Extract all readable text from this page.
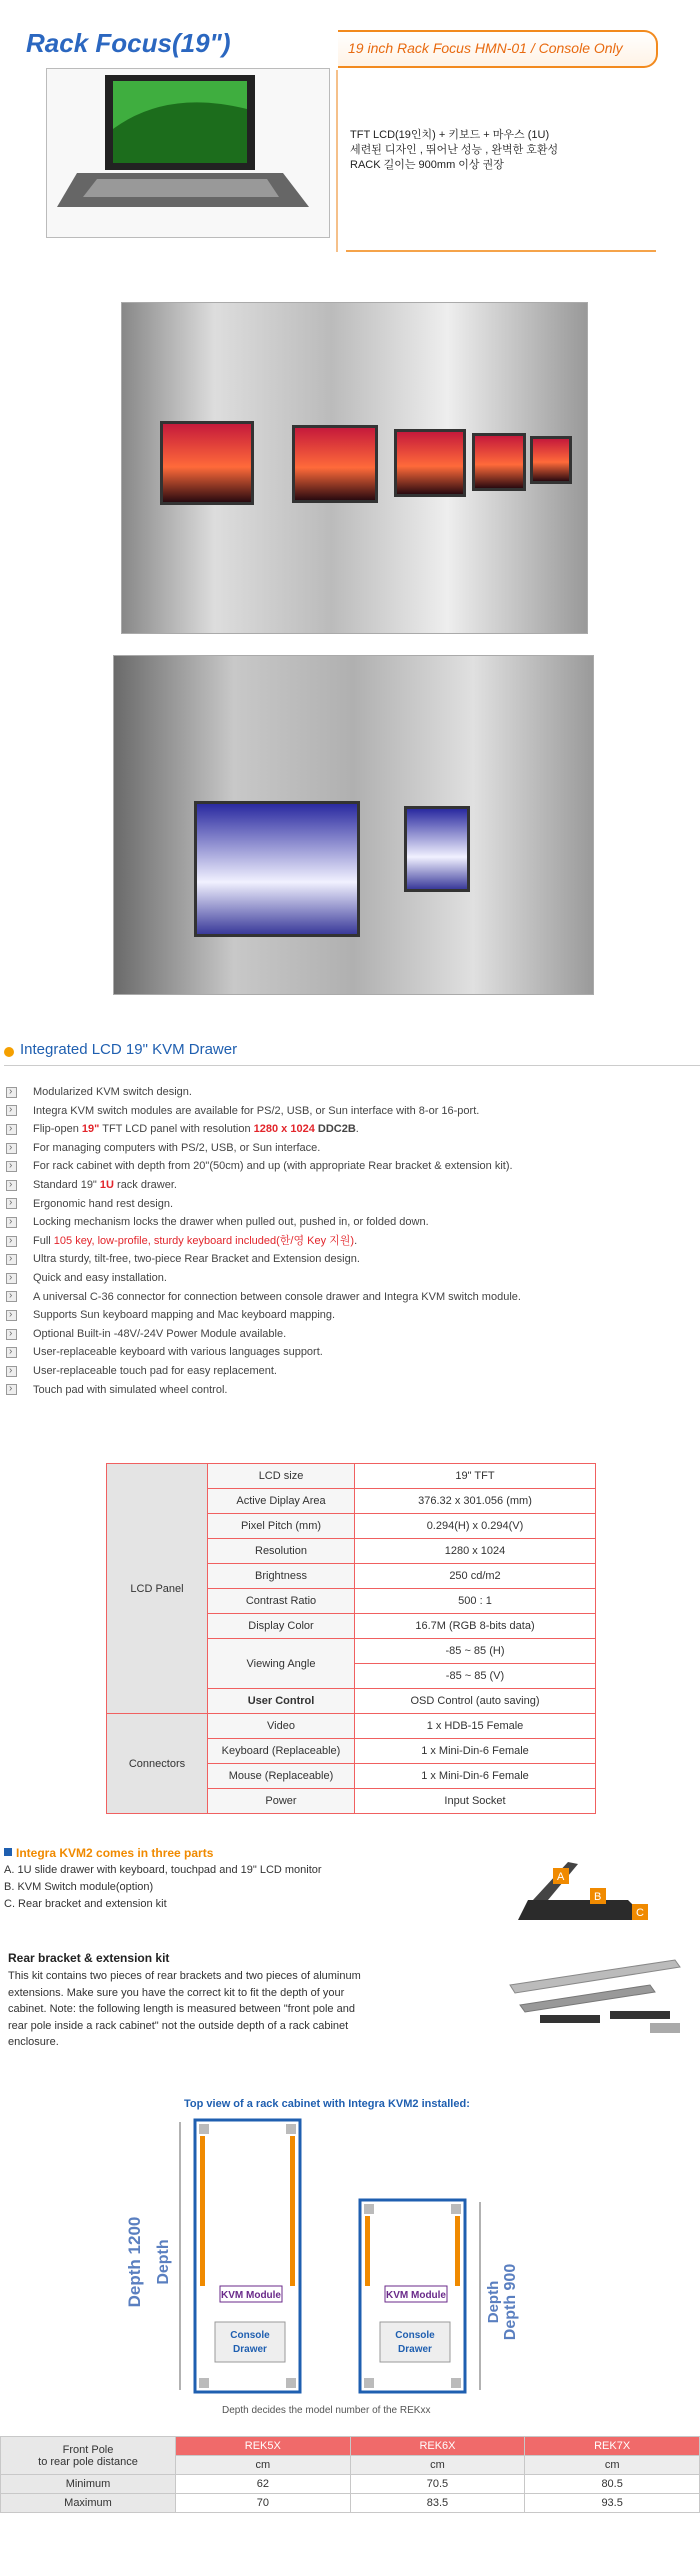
Rack Focus(19")	19 inch Rack Focus HMN-01 / Console Only
TFT LCD(19인치) + 키보드 + 마우스 (1U)
세련된 디자인 , 뛰어난 성능 , 완벽한 호환성
RACK 길이는 900mm 이상 권장
Integrated LCD 19" KVM Drawer
›
Modularized KVM switch design.
›
Integra KVM switch modules are available for PS/2, USB, or Sun interface with 8-or 16-port.
›
Flip-open 19" TFT LCD panel with resolution 1280 x 1024 DDC2B.
›
For managing computers with PS/2, USB, or Sun interface.
›
For rack cabinet with depth from 20"(50cm) and up (with appropriate Rear bracket & extension kit).
›
Standard 19" 1U rack drawer.
›
Ergonomic hand rest design.
›
Locking mechanism locks the drawer when pulled out, pushed in, or folded down.
›
Full 105 key, low-profile, sturdy keyboard included(한/영 Key 지원).
›
Ultra sturdy, tilt-free, two-piece Rear Bracket and Extension design.
›
Quick and easy installation.
›
A universal C-36 connector for connection between console drawer and Integra KVM switch module.
›
Supports Sun keyboard mapping and Mac keyboard mapping.
›
Optional Built-in -48V/-24V Power Module available.
›
User-replaceable keyboard with various languages support.
›
User-replaceable touch pad for easy replacement.
›
Touch pad with simulated wheel control.
LCD Panel	LCD size	19" TFT
	Active Diplay Area	376.32 x 301.056 (mm)
	Pixel Pitch (mm)	0.294(H) x 0.294(V)
	Resolution	1280 x 1024
	Brightness	250 cd/m2
	Contrast Ratio	500 : 1
	Display Color	16.7M (RGB 8-bits data)
	Viewing Angle	-85 ~ 85 (H)
		-85 ~ 85 (V)
	User Control	OSD Control (auto saving)
Connectors	Video	1 x HDB-15 Female
	Keyboard (Replaceable)	1 x Mini-Din-6 Female
	Mouse (Replaceable)	1 x Mini-Din-6 Female
	Power	Input Socket
Integra KVM2 comes in three parts
A. 1U slide drawer with keyboard, touchpad and 19" LCD monitor
B. KVM Switch module(option)
C. Rear bracket and extension kit
A
B
C
Rear bracket & extension kit
This kit contains two pieces of rear brackets and two pieces of aluminum extensions. Make sure you have the correct kit to fit the depth of your cabinet. Note: the following length is measured between "front pole and rear pole inside a rack cabinet" not the outside depth of a rack cabinet enclosure.
Top view of a rack cabinet with Integra KVM2 installed:
KVM Module
Console
Drawer
Depth 1200 Depth
KVM Module
Console
Drawer
Depth Depth 900
Depth decides the model number of the REKxx
Front Pole
to rear pole distance	REK5X	REK6X	REK7X
	cm	cm	cm
Minimum	62	70.5	80.5
Maximum	70	83.5	93.5
